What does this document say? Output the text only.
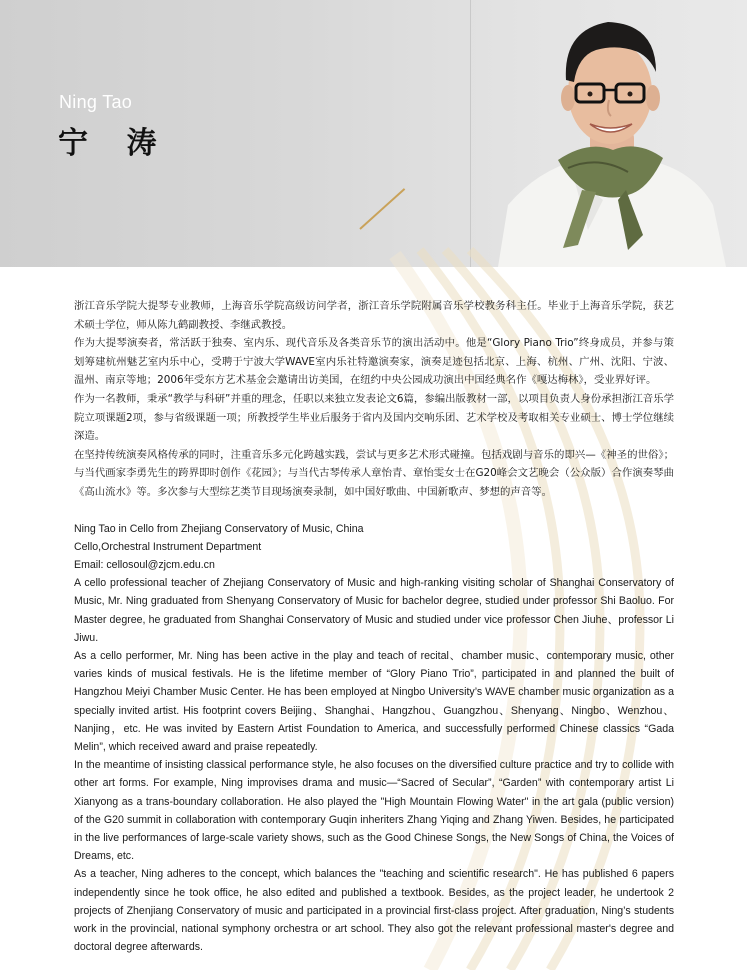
Ning Tao
宁 涛

浙江音乐学院大提琴专业教师，上海音乐学院高级访问学者，浙江音乐学院附属音乐学校教务科主任。毕业于上海音乐学院，获艺术硕士学位，师从陈九鹤副教授、李继武教授。

作为大提琴演奏者，常活跃于独奏、室内乐、现代音乐及各类音乐节的演出活动中。他是“Glory Piano Trio”终身成员，并参与策划筹建杭州魅艺室内乐中心，受聘于宁波大学WAVE室内乐社特邀演奏家，演奏足迹包括北京、上海、杭州、广州、沈阳、宁波、温州、南京等地；2006年受东方艺术基金会邀请出访美国，在纽约中央公园成功演出中国经典名作《嘎达梅林》，受业界好评。

作为一名教师，秉承“教学与科研”并重的理念，任职以来独立发表论文6篇，参编出版教材一部，以项目负责人身份承担浙江音乐学院立项课题2项，参与省级课题一项；所教授学生毕业后服务于省内及国内交响乐团、艺术学校及考取相关专业硕士、博士学位继续深造。

在坚持传统演奏风格传承的同时，注重音乐多元化跨越实践，尝试与更多艺术形式碰撞。包括戏剧与音乐的即兴—《神圣的世俗》；与当代画家李勇先生的跨界即时创作《花园》；与当代古琴传承人章怡青、章怡雯女士在G20峰会文艺晚会（公众版）合作演奏琴曲《高山流水》等。多次参与大型综艺类节目现场演奏录制，如中国好歌曲、中国新歌声、梦想的声音等。

Ning Tao in Cello from Zhejiang Conservatory of Music, China

Cello,Orchestral Instrument Department

Email: cellosoul@zjcm.edu.cn

A cello professional teacher of Zhejiang Conservatory of Music and high-ranking visiting scholar of Shanghai Conservatory of Music, Mr. Ning graduated from Shenyang Conservatory of Music for bachelor degree, studied under professor Shi Baoluo. For Master degree, he graduated from Shanghai Conservatory of Music and studied under vice professor Chen Jiuhe、professor Li Jiwu.

As a cello performer, Mr. Ning has been active in the play and teach of recital、chamber music、contemporary music, other varies kinds of musical festivals. He is the lifetime member of “Glory Piano Trio”, participated in and planned the built of Hangzhou Meiyi Chamber Music Center. He has been employed at Ningbo University’s WAVE chamber music organization as a specially invited artist. His footprint covers Beijing、Shanghai、Hangzhou、Guangzhou、Shenyang、Ningbo、Wenzhou、Nanjing，etc. He was invited by Eastern Artist Foundation to America, and successfully performed Chinese classics “Gada Melin”, which received award and praise repeatedly.

In the meantime of insisting classical performance style, he also focuses on the diversified culture practice and try to collide with other art forms. For example, Ning improvises drama and music—“Sacred of Secular”, “Garden” with contemporary artist Li Xianyong as a trans-boundary collaboration. He also played the "High Mountain Flowing Water" in the art gala (public version) of the G20 summit in collaboration with contemporary Guqin inheriters Zhang Yiqing and Zhang Yiwen. Besides, he participated in the live performances of large-scale variety shows, such as the Good Chinese Songs, the New Songs of China, the Voices of Dreams, etc.

As a teacher, Ning adheres to the concept, which balances the "teaching and scientific research". He has published 6 papers independently since he took office, he also edited and published a textbook. Besides, as the project leader, he undertook 2 projects of Zhenjiang Conservatory of music and participated in a provincial first-class project. After graduation, Ning’s students work in the provincial, national symphony orchestra or art school. They also got the relevant professional master's degree and doctoral degree afterwards.
